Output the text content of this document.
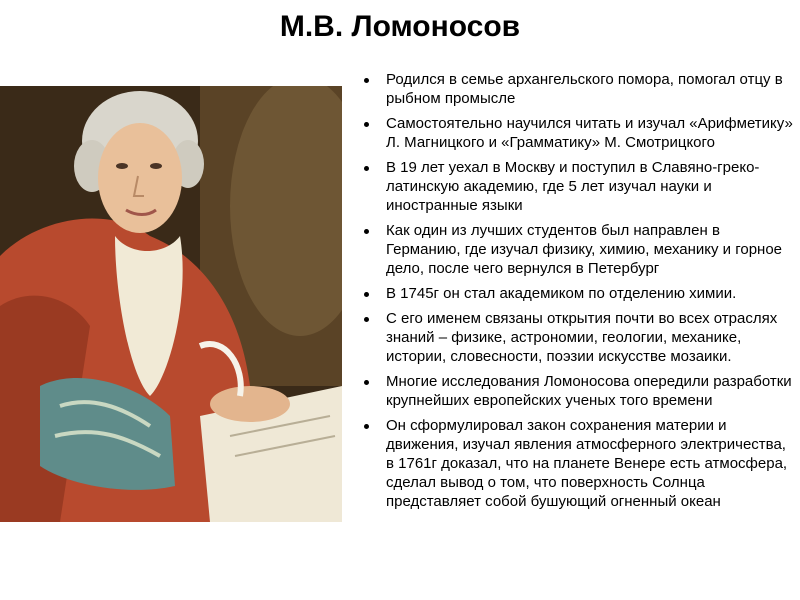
М.В. Ломоносов
Родился в семье архангельского помора, помогал отцу в рыбном промысле
Самостоятельно научился читать и изучал «Арифметику» Л. Магницкого и «Грамматику» М. Смотрицкого
В 19 лет уехал в Москву и поступил в Славяно-греко-латинскую академию, где 5 лет изучал науки и иностранные языки
Как один из лучших студентов был направлен в Германию, где изучал физику, химию, механику и горное дело, после чего вернулся в Петербург
В 1745г он стал академиком по отделению химии.
С его именем связаны открытия почти во всех отраслях знаний – физике, астрономии, геологии, механике, истории, словесности, поэзии искусстве мозаики.
Многие исследования Ломоносова опередили разработки крупнейших европейских ученых того времени
Он сформулировал закон сохранения материи и движения, изучал явления атмосферного электричества, в 1761г доказал, что на планете Венере есть атмосфера, сделал вывод о том, что поверхность Солнца представляет собой бушующий огненный океан
